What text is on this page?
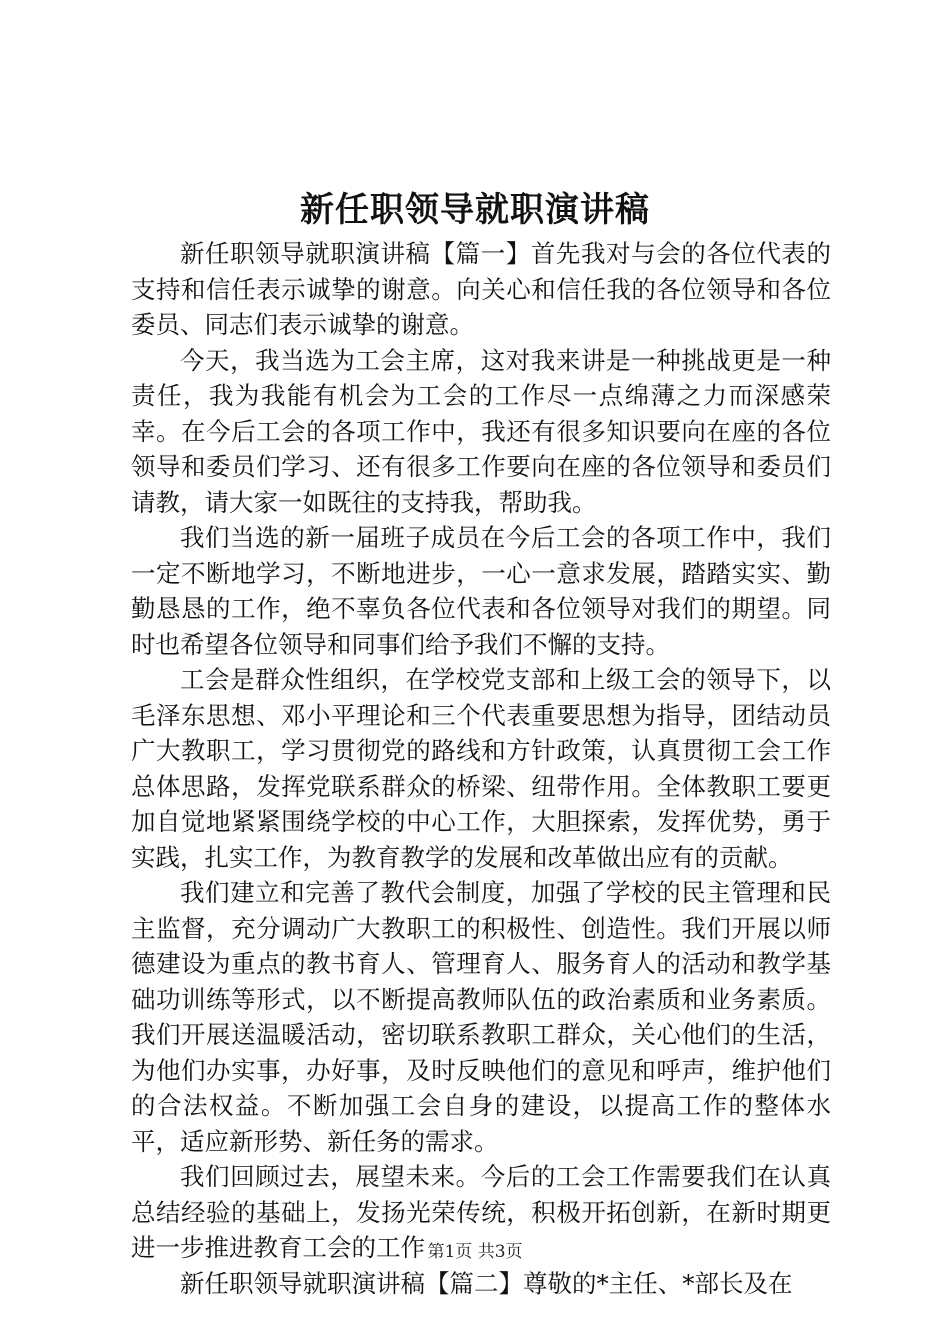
新任职领导就职演讲稿

新任职领导就职演讲稿【篇一】首先我对与会的各位代表的支持和信任表示诚挚的谢意。向关心和信任我的各位领导和各位委员、同志们表示诚挚的谢意。

今天，我当选为工会主席，这对我来讲是一种挑战更是一种责任，我为我能有机会为工会的工作尽一点绵薄之力而深感荣幸。在今后工会的各项工作中，我还有很多知识要向在座的各位领导和委员们学习、还有很多工作要向在座的各位领导和委员们请教，请大家一如既往的支持我，帮助我。

我们当选的新一届班子成员在今后工会的各项工作中，我们一定不断地学习，不断地进步，一心一意求发展，踏踏实实、勤勤恳恳的工作，绝不辜负各位代表和各位领导对我们的期望。同时也希望各位领导和同事们给予我们不懈的支持。

工会是群众性组织，在学校党支部和上级工会的领导下，以毛泽东思想、邓小平理论和三个代表重要思想为指导，团结动员广大教职工，学习贯彻党的路线和方针政策，认真贯彻工会工作总体思路，发挥党联系群众的桥梁、纽带作用。全体教职工要更加自觉地紧紧围绕学校的中心工作，大胆探索，发挥优势，勇于实践，扎实工作，为教育教学的发展和改革做出应有的贡献。

我们建立和完善了教代会制度，加强了学校的民主管理和民主监督，充分调动广大教职工的积极性、创造性。我们开展以师德建设为重点的教书育人、管理育人、服务育人的活动和教学基础功训练等形式，以不断提高教师队伍的政治素质和业务素质。我们开展送温暖活动，密切联系教职工群众，关心他们的生活，为他们办实事，办好事，及时反映他们的意见和呼声，维护他们的合法权益。不断加强工会自身的建设，以提高工作的整体水平，适应新形势、新任务的需求。

我们回顾过去，展望未来。今后的工会工作需要我们在认真总结经验的基础上，发扬光荣传统，积极开拓创新，在新时期更进一步推进教育工会的工作

新任职领导就职演讲稿【篇二】尊敬的*主任、*部长及在

第1页 共3页
